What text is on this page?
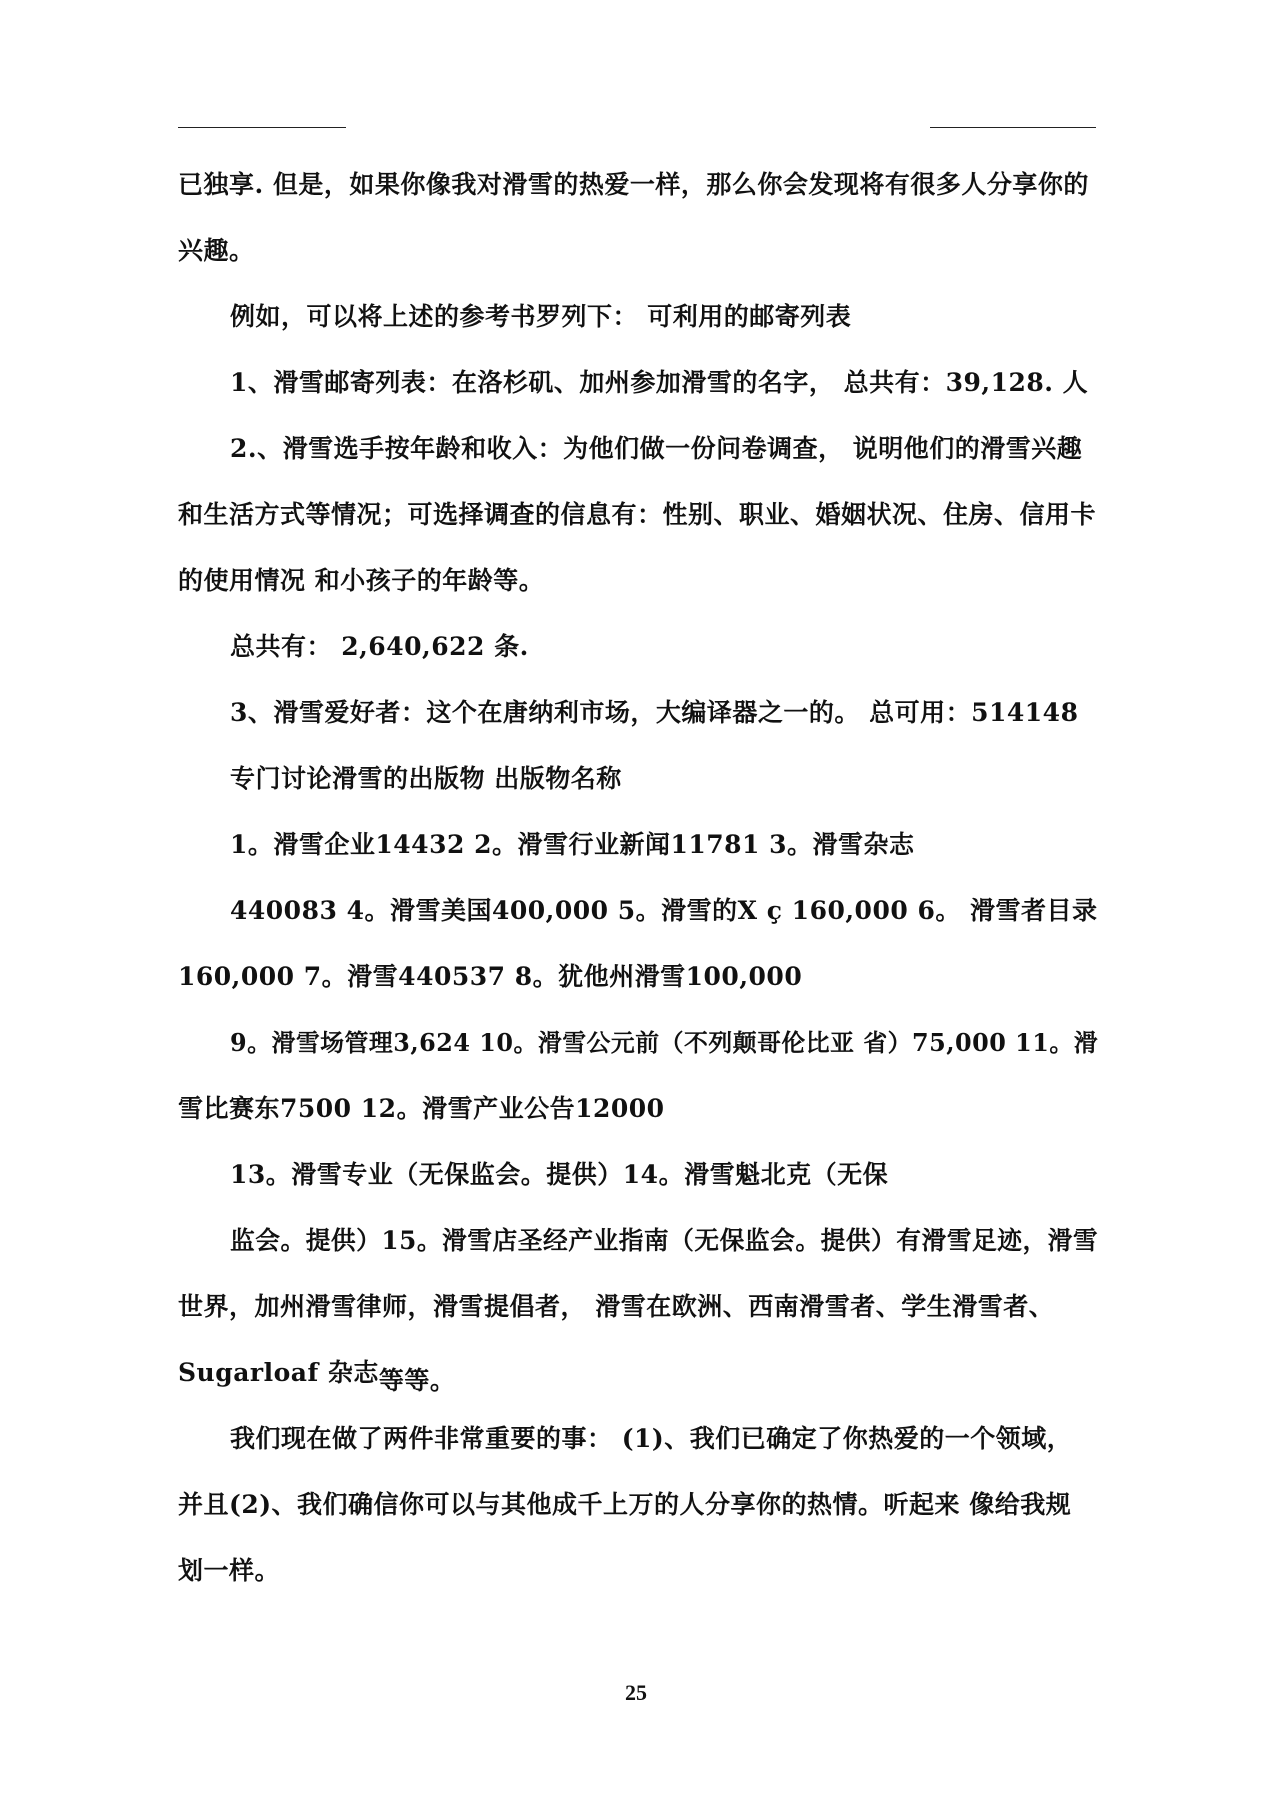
已独享. 但是，如果你像我对滑雪的热爱一样，那么你会发现将有很多人分享你的
兴趣。
例如，可以将上述的参考书罗列下： 可利用的邮寄列表
1、滑雪邮寄列表：在洛杉矶、加州参加滑雪的名字， 总共有：39,128. 人
2.、滑雪选手按年龄和收入：为他们做一份问卷调查， 说明他们的滑雪兴趣
和生活方式等情况；可选择调查的信息有：性别、职业、婚姻状况、住房、信用卡
的使用情况 和小孩子的年龄等。
总共有： 2,640,622 条.
3、滑雪爱好者：这个在唐纳利市场，大编译器之一的。 总可用：514148
专门讨论滑雪的出版物 出版物名称
1。滑雪企业14432 2。滑雪行业新闻11781 3。滑雪杂志
440083 4。滑雪美国400,000 5。滑雪的X ç 160,000 6。 滑雪者目录
160,000 7。滑雪440537 8。犹他州滑雪100,000
9。滑雪场管理3,624 10。滑雪公元前（不列颠哥伦比亚 省）75,000 11。滑
雪比赛东7500 12。滑雪产业公告12000
13。滑雪专业（无保监会。提供）14。滑雪魁北克（无保
监会。提供）15。滑雪店圣经产业指南（无保监会。提供）有滑雪足迹，滑雪
世界，加州滑雪律师，滑雪提倡者， 滑雪在欧洲、西南滑雪者、学生滑雪者、
Sugarloaf 杂志等等。
我们现在做了两件非常重要的事： (1)、我们已确定了你热爱的一个领域，
并且(2)、我们确信你可以与其他成千上万的人分享你的热情。听起来 像给我规
划一样。
25
